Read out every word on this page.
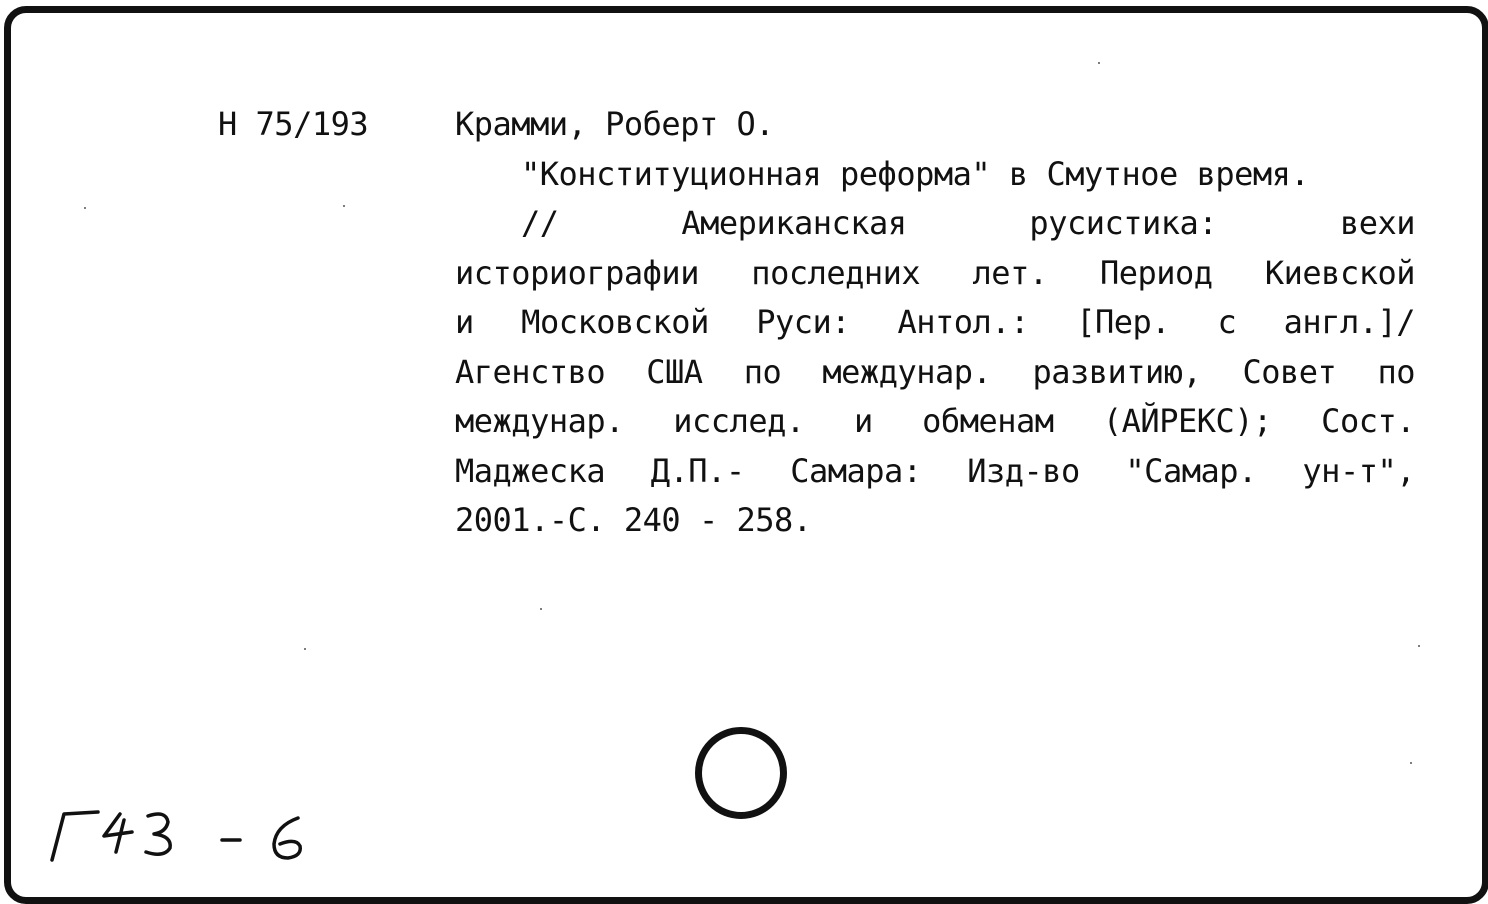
Н 75/193	Крамми, Роберт О.
"Конституционная реформа" в Смутное время.
// Американская русистика: вехи
историографии последних лет. Период Киевской
и Московской Руси: Антол.: [Пер. с англ.]/
Агенство США по междунар. развитию, Совет по
междунар. исслед. и обменам (АЙРЕКС); Сост.
Маджеска Д.П.- Самара: Изд-во "Самар. ун-т",
2001.-С. 240 - 258.
